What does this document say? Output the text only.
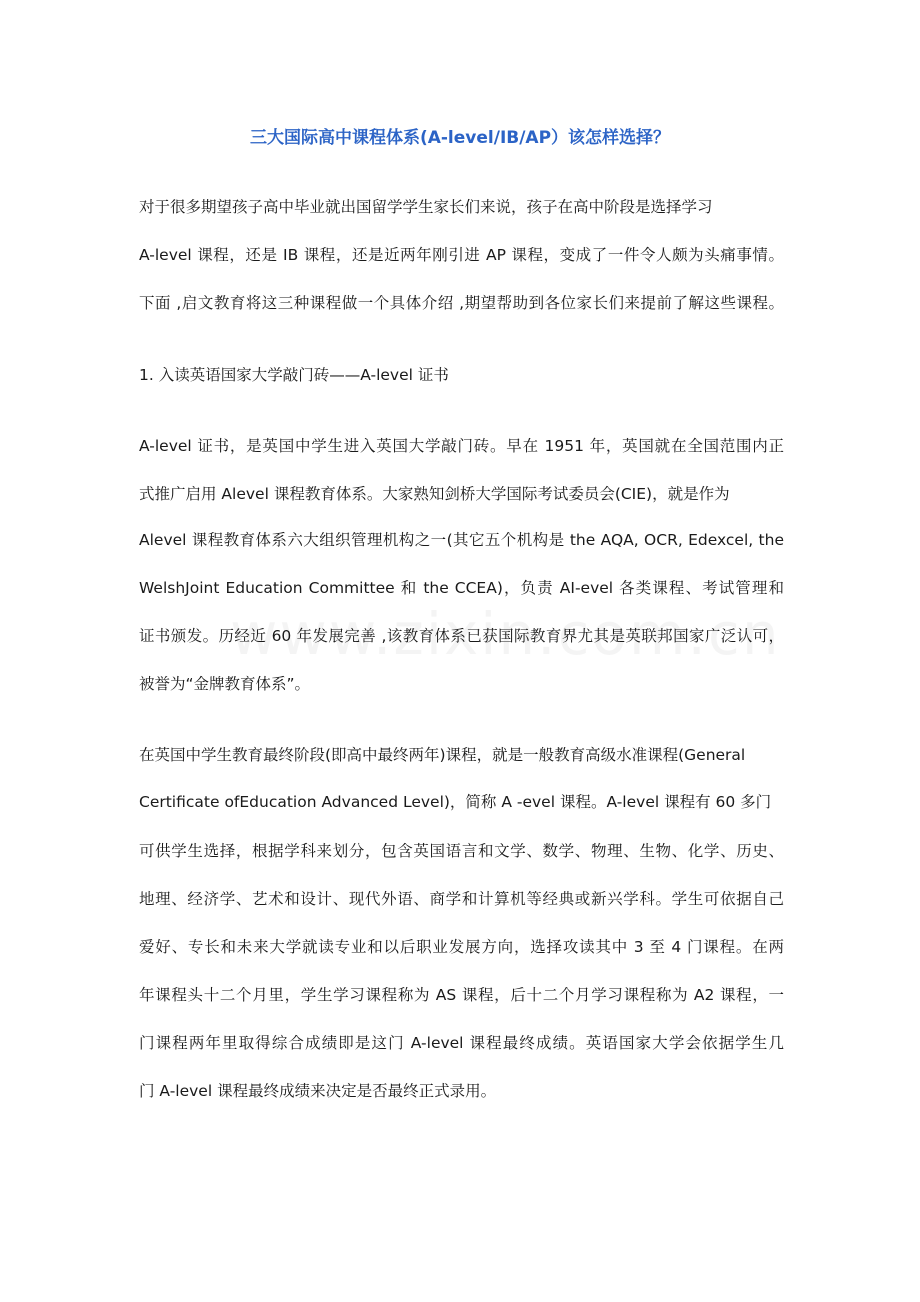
三大国际高中课程体系(A-level/IB/AP）该怎样选择？
对于很多期望孩子高中毕业就出国留学学生家长们来说，孩子在高中阶段是选择学习
A-level 课程，还是 IB 课程，还是近两年刚引进 AP 课程，变成了一件令人颇为头痛事情。
下面 ,启文教育将这三种课程做一个具体介绍 ,期望帮助到各位家长们来提前了解这些课程。
1. 入读英语国家大学敲门砖——A-level 证书
A-level 证书，是英国中学生进入英国大学敲门砖。早在 1951 年，英国就在全国范围内正
式推广启用 Alevel 课程教育体系。大家熟知剑桥大学国际考试委员会(CIE)，就是作为
Alevel 课程教育体系六大组织管理机构之一(其它五个机构是 the AQA, OCR, Edexcel, the
WelshJoint Education Committee 和 the CCEA)，负责 AI-evel 各类课程、考试管理和
证书颁发。历经近 60 年发展完善 ,该教育体系已获国际教育界尤其是英联邦国家广泛认可，
被誉为“金牌教育体系”。
在英国中学生教育最终阶段(即高中最终两年)课程，就是一般教育高级水准课程(General
Certificate ofEducation Advanced Level)，简称 A -evel 课程。A-level 课程有 60 多门
可供学生选择，根据学科来划分，包含英国语言和文学、数学、物理、生物、化学、历史、
地理、经济学、艺术和设计、现代外语、商学和计算机等经典或新兴学科。学生可依据自己
爱好、专长和未来大学就读专业和以后职业发展方向，选择攻读其中 3 至 4 门课程。在两
年课程头十二个月里，学生学习课程称为 AS 课程，后十二个月学习课程称为 A2 课程，一
门课程两年里取得综合成绩即是这门 A-level 课程最终成绩。英语国家大学会依据学生几
门 A-level 课程最终成绩来决定是否最终正式录用。
